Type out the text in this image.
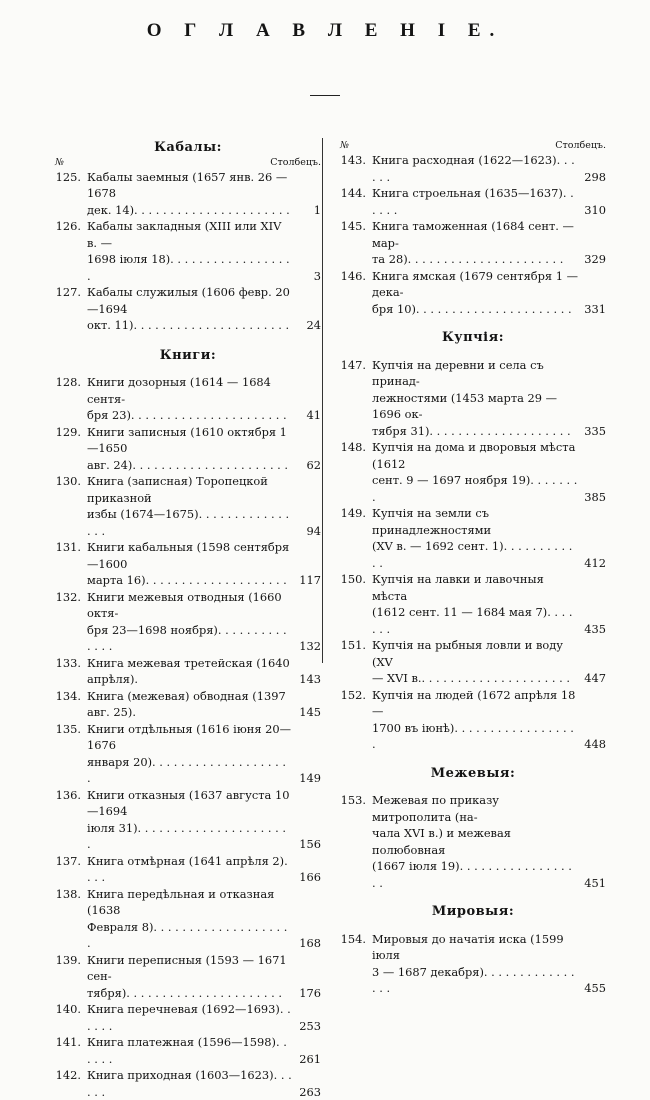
О Г Л А В Л Е Н I Е.
Кабалы:
№	Столбецъ.
125. Кабалы заемныя (1657 янв. 26 — 1678
дек. 14). . . . . . . . . . . . . . . . . . . . . .	1
126. Кабалы закладныя (XIII или XIV в. —
1698 іюля 18). . . . . . . . . . . . . . . . . .	3
127. Кабалы служилыя (1606 февр. 20—1694
окт. 11). . . . . . . . . . . . . . . . . . . . . .	24
Книги:
128. Книги дозорныя (1614 — 1684 сентя-
бря 23). . . . . . . . . . . . . . . . . . . . . .	41
129. Книги записныя (1610 октября 1—1650
авг. 24). . . . . . . . . . . . . . . . . . . . . .	62
130. Книга (записная) Торопецкой приказной
избы (1674—1675). . . . . . . . . . . . . . . .	94
131. Книги кабальныя (1598 сентября—1600
марта 16). . . . . . . . . . . . . . . . . . . .	117
132. Книги межевыя отводныя (1660 октя-
бря 23—1698 ноября). . . . . . . . . . . . . .	132
133. Книга межевая третейская (1640 апрѣля).	143
134. Книга (межевая) обводная (1397 авг. 25).	145
135. Книги отдѣльныя (1616 іюня 20—1676
января 20). . . . . . . . . . . . . . . . . . . .	149
136. Книги отказныя (1637 августа 10—1694
іюля 31). . . . . . . . . . . . . . . . . . . . . .	156
137. Книга отмѣрная (1641 апрѣля 2). . . .	166
138. Книга передѣльная и отказная (1638
Февраля 8). . . . . . . . . . . . . . . . . . . .	168
139. Книги переписныя (1593 — 1671 сен-
тября). . . . . . . . . . . . . . . . . . . . . .	176
140. Книга перечневая (1692—1693). . . . . .	253
141. Книга платежная (1596—1598). . . . . .	261
142. Книга приходная (1603—1623). . . . . .	263
№	Столбецъ.
143. Книга расходная (1622—1623). . . . . .	298
144. Книга строельная (1635—1637). . . . . .	310
145. Книга таможенная (1684 сент. — мар-
та 28). . . . . . . . . . . . . . . . . . . . . .	329
146. Книга ямская (1679 сентября 1 — дека-
бря 10). . . . . . . . . . . . . . . . . . . . . .	331
Купчія:
147. Купчія на деревни и села съ принад-
лежностями (1453 марта 29 — 1696 ок-
тября 31). . . . . . . . . . . . . . . . . . . .	335
148. Купчія на дома и дворовыя мѣста (1612
сент. 9 — 1697 ноября 19). . . . . . . .	385
149. Купчія на земли съ принадлежностями
(XV в. — 1692 сент. 1). . . . . . . . . . . .	412
150. Купчія на лавки и лавочныя мѣста
(1612 сент. 11 — 1684 мая 7). . . . . . .	435
151. Купчія на рыбныя ловли и воду (XV
— XVI в.. . . . . . . . . . . . . . . . . . . . .	447
152. Купчія на людей (1672 апрѣля 18 —
1700 въ іюнѣ). . . . . . . . . . . . . . . . . .	448
Межевыя:
153. Межевая по приказу митрополита (на-
чала XVI в.) и межевая полюбовная
(1667 іюля 19). . . . . . . . . . . . . . . . . .	451
Мировыя:
154. Мировыя до начатія иска (1599 іюля
3 — 1687 декабря). . . . . . . . . . . . . . . .	455
